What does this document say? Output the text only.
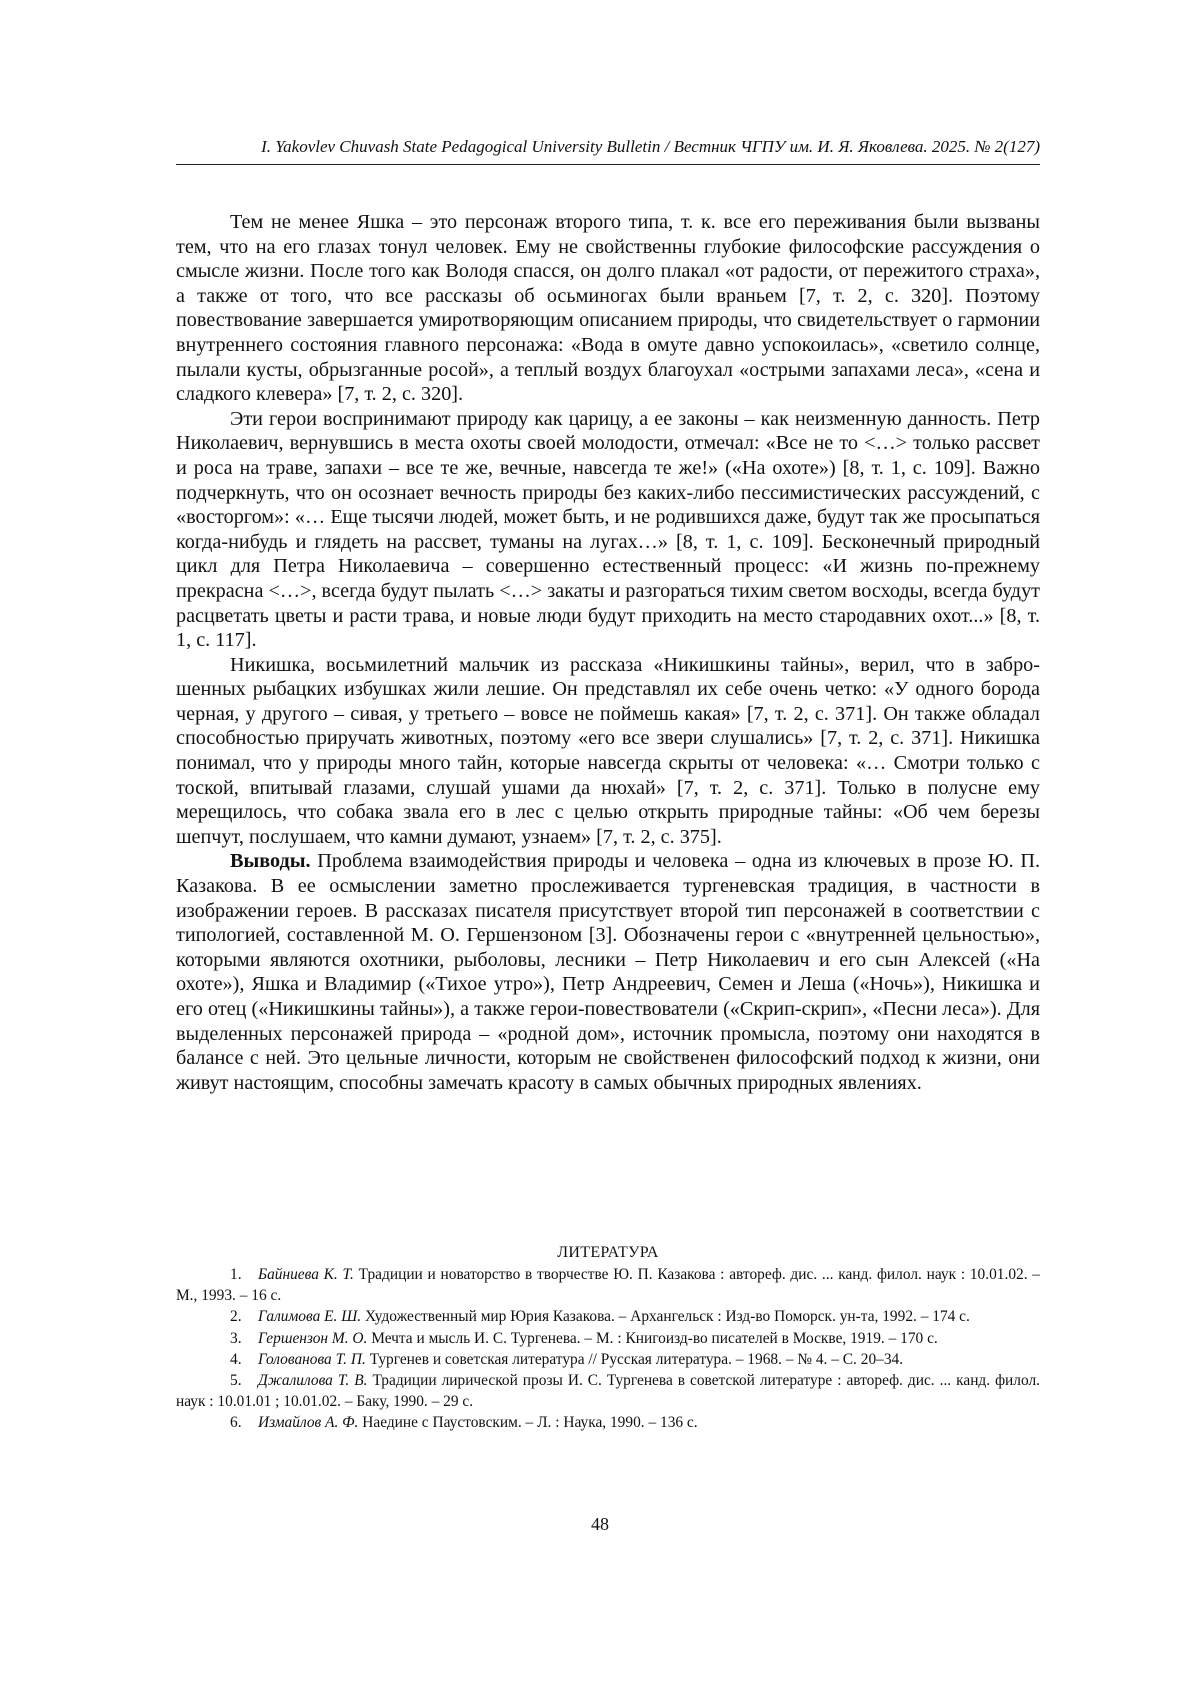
I. Yakovlev Chuvash State Pedagogical University Bulletin / Вестник ЧГПУ им. И. Я. Яковлева. 2025. № 2(127)

Тем не менее Яшка – это персонаж второго типа, т. к. все его переживания были вызваны тем, что на его глазах тонул человек. Ему не свойственны глубокие философские рассуждения о смысле жизни. После того как Володя спасся, он долго плакал «от радости, от пережитого страха», а также от того, что все рассказы об осьминогах были враньем [7, т. 2, с. 320]. Поэтому повествование завершается умиротворяющим описанием природы, что свидетельствует о гармонии внутреннего состояния главного персонажа: «Вода в омуте давно успокоилась», «светило солнце, пылали кусты, обрызганные росой», а теплый воздух благоухал «острыми запахами леса», «сена и сладкого клевера» [7, т. 2, с. 320].

Эти герои воспринимают природу как царицу, а ее законы – как неизменную данность. Петр Николаевич, вернувшись в места охоты своей молодости, отмечал: «Все не то <…> только рассвет и роса на траве, запахи – все те же, вечные, навсегда те же!» («На охоте») [8, т. 1, с. 109]. Важно подчеркнуть, что он осознает вечность природы без каких-либо пессимистических рассуждений, с «восторгом»: «… Еще тысячи людей, может быть, и не родившихся даже, будут так же просыпаться когда-нибудь и глядеть на рассвет, туманы на лугах…» [8, т. 1, с. 109]. Бесконечный природный цикл для Петра Николаевича – совершенно естественный процесс: «И жизнь по-прежнему прекрасна <…>, всегда будут пылать <…> закаты и разгораться тихим светом восходы, всегда будут расцветать цветы и расти трава, и новые люди будут приходить на место стародавних охот...» [8, т. 1, с. 117].

Никишка, восьмилетний мальчик из рассказа «Никишкины тайны», верил, что в заброшенных рыбацких избушках жили лешие. Он представлял их себе очень четко: «У одного борода черная, у другого – сивая, у третьего – вовсе не поймешь какая» [7, т. 2, с. 371]. Он также обладал способностью приручать животных, поэтому «его все звери слушались» [7, т. 2, с. 371]. Никишка понимал, что у природы много тайн, которые навсегда скрыты от человека: «… Смотри только с тоской, впитывай глазами, слушай ушами да нюхай» [7, т. 2, с. 371]. Только в полусне ему мерещилось, что собака звала его в лес с целью открыть природные тайны: «Об чем березы шепчут, послушаем, что камни думают, узнаем» [7, т. 2, с. 375].

Выводы. Проблема взаимодействия природы и человека – одна из ключевых в прозе Ю. П. Казакова. В ее осмыслении заметно прослеживается тургеневская традиция, в частности в изображении героев. В рассказах писателя присутствует второй тип персонажей в соответствии с типологией, составленной М. О. Гершензоном [3]. Обозначены герои с «внутренней цельностью», которыми являются охотники, рыболовы, лесники – Петр Николаевич и его сын Алексей («На охоте»), Яшка и Владимир («Тихое утро»), Петр Андреевич, Семен и Леша («Ночь»), Никишка и его отец («Никишкины тайны»), а также герои-повествователи («Скрип-скрип», «Песни леса»). Для выделенных персонажей природа – «родной дом», источник промысла, поэтому они находятся в балансе с ней. Это цельные личности, которым не свойственен философский подход к жизни, они живут настоящим, способны замечать красоту в самых обычных природных явлениях.

ЛИТЕРАТУРА

1. Байниева К. Т. Традиции и новаторство в творчестве Ю. П. Казакова : автореф. дис. ... канд. филол. наук : 10.01.02. – М., 1993. – 16 с.

2. Галимова Е. Ш. Художественный мир Юрия Казакова. – Архангельск : Изд-во Поморск. ун-та, 1992. – 174 с.

3. Гершензон М. О. Мечта и мысль И. С. Тургенева. – М. : Книгоизд-во писателей в Москве, 1919. – 170 с.

4. Голованова Т. П. Тургенев и советская литература // Русская литература. – 1968. – № 4. – С. 20–34.

5. Джалилова Т. В. Традиции лирической прозы И. С. Тургенева в советской литературе : автореф. дис. ... канд. филол. наук : 10.01.01 ; 10.01.02. – Баку, 1990. – 29 с.

6. Измайлов А. Ф. Наедине с Паустовским. – Л. : Наука, 1990. – 136 с.

48
